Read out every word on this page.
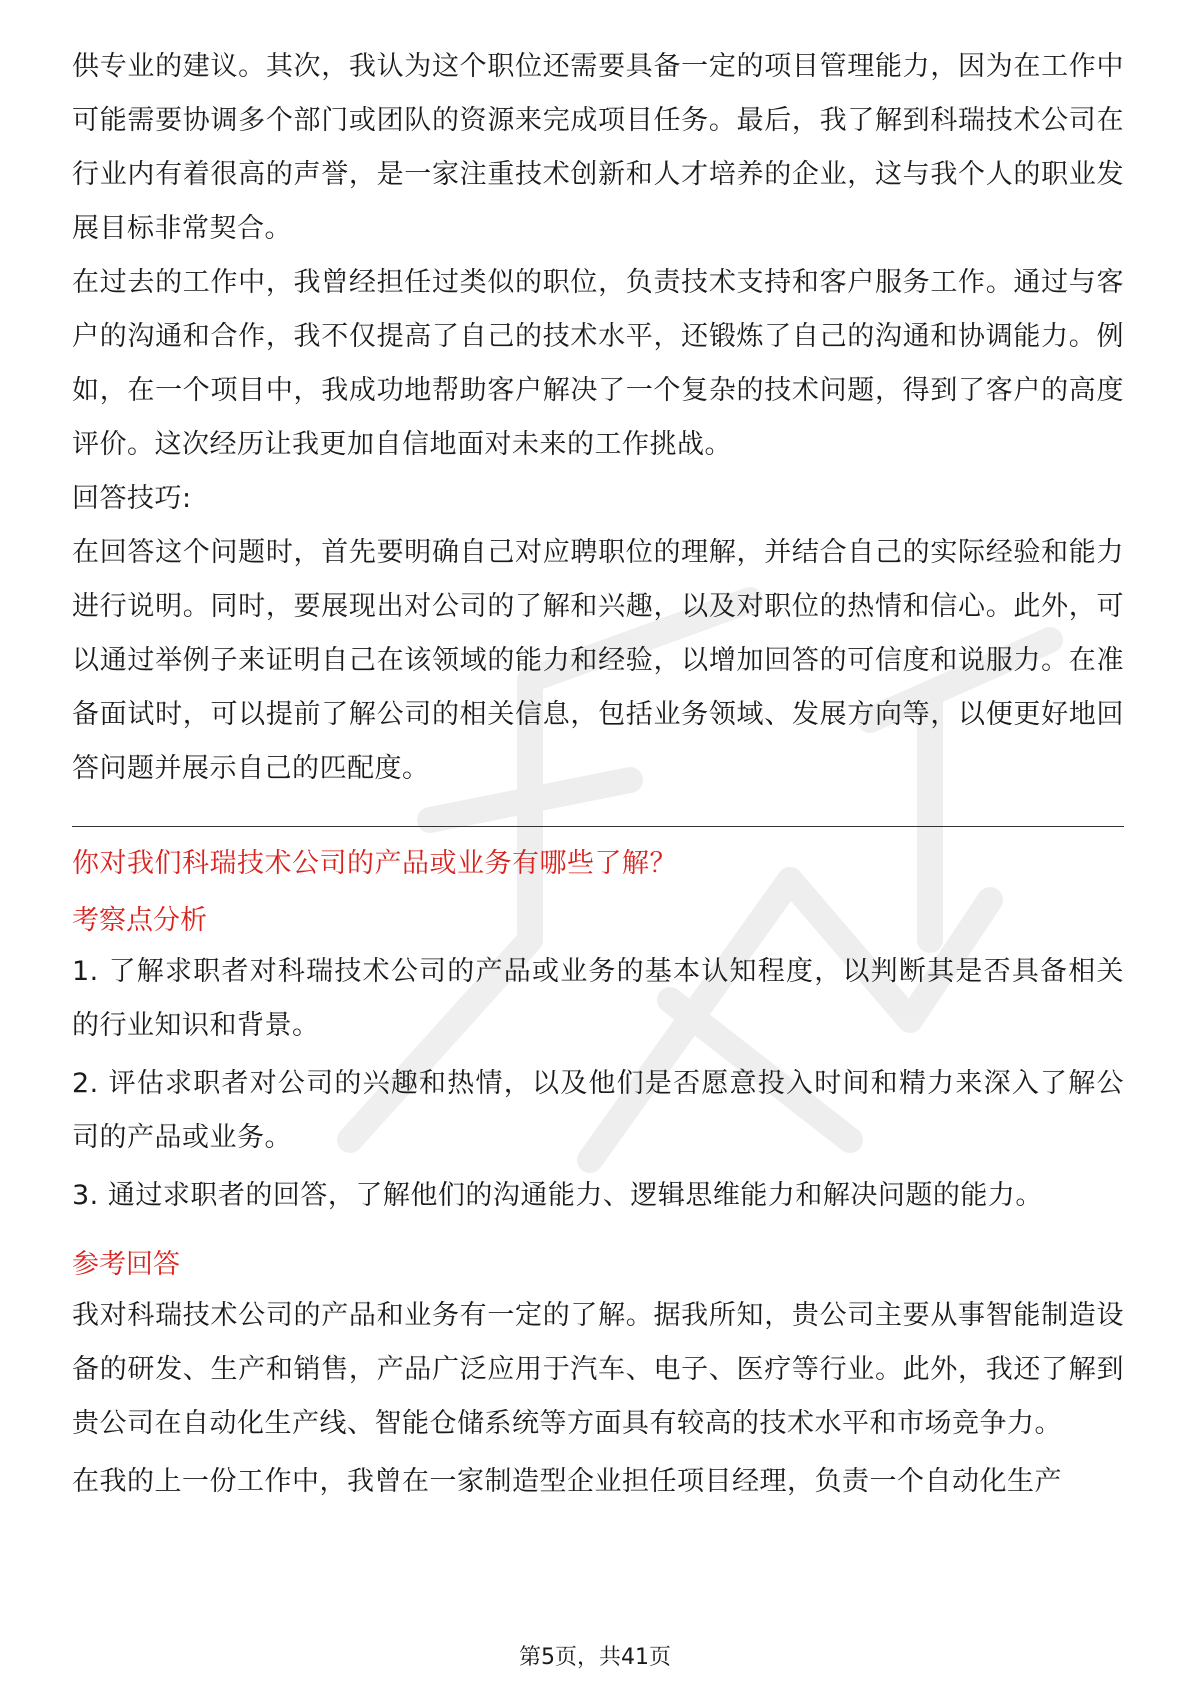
供专业的建议。其次，我认为这个职位还需要具备一定的项目管理能力，因为在工作中可能需要协调多个部门或团队的资源来完成项目任务。最后，我了解到科瑞技术公司在行业内有着很高的声誉，是一家注重技术创新和人才培养的企业，这与我个人的职业发展目标非常契合。

在过去的工作中，我曾经担任过类似的职位，负责技术支持和客户服务工作。通过与客户的沟通和合作，我不仅提高了自己的技术水平，还锻炼了自己的沟通和协调能力。例如，在一个项目中，我成功地帮助客户解决了一个复杂的技术问题，得到了客户的高度评价。这次经历让我更加自信地面对未来的工作挑战。

回答技巧:

在回答这个问题时，首先要明确自己对应聘职位的理解，并结合自己的实际经验和能力进行说明。同时，要展现出对公司的了解和兴趣，以及对职位的热情和信心。此外，可以通过举例子来证明自己在该领域的能力和经验，以增加回答的可信度和说服力。在准备面试时，可以提前了解公司的相关信息，包括业务领域、发展方向等，以便更好地回答问题并展示自己的匹配度。

你对我们科瑞技术公司的产品或业务有哪些了解？

考察点分析

1. 了解求职者对科瑞技术公司的产品或业务的基本认知程度，以判断其是否具备相关的行业知识和背景。

2. 评估求职者对公司的兴趣和热情，以及他们是否愿意投入时间和精力来深入了解公司的产品或业务。

3. 通过求职者的回答，了解他们的沟通能力、逻辑思维能力和解决问题的能力。

参考回答

我对科瑞技术公司的产品和业务有一定的了解。据我所知，贵公司主要从事智能制造设备的研发、生产和销售，产品广泛应用于汽车、电子、医疗等行业。此外，我还了解到贵公司在自动化生产线、智能仓储系统等方面具有较高的技术水平和市场竞争力。

在我的上一份工作中，我曾在一家制造型企业担任项目经理，负责一个自动化生产

第5页，共41页
